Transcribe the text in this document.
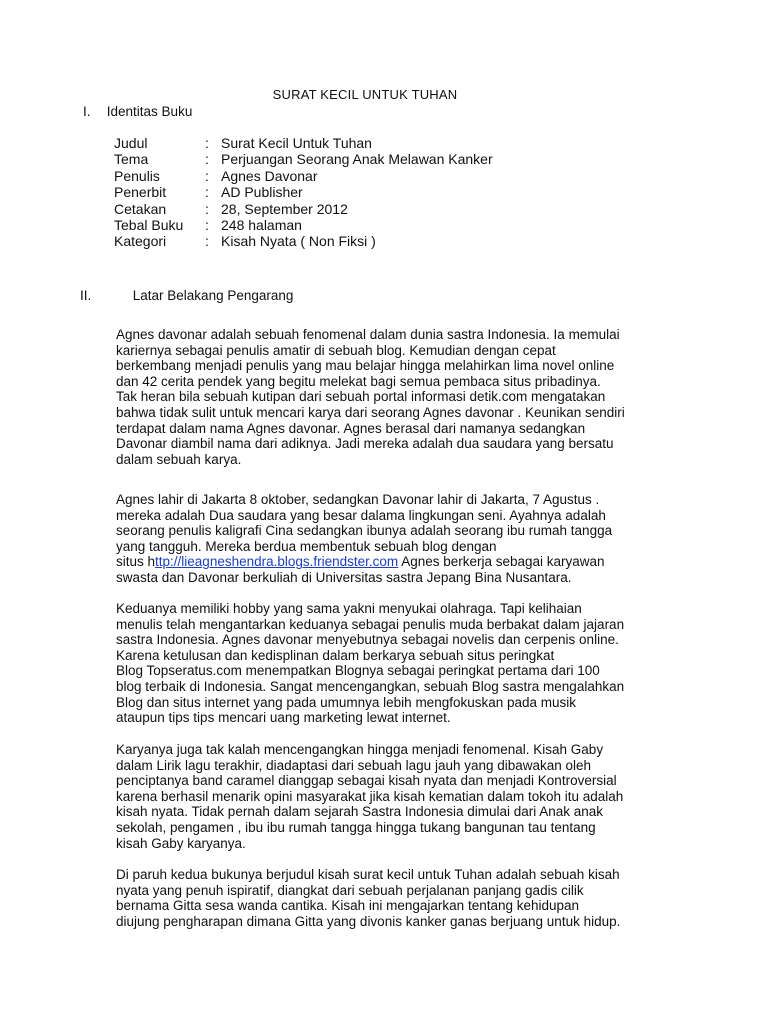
SURAT KECIL UNTUK TUHAN
I. Identitas Buku
Judul	:	Surat Kecil Untuk Tuhan
Tema	:	Perjuangan Seorang Anak Melawan Kanker
Penulis	:	Agnes Davonar
Penerbit	:	AD Publisher
Cetakan	:	28, September 2012
Tebal Buku	:	248 halaman
Kategori	:	Kisah Nyata ( Non Fiksi )
II.	Latar Belakang Pengarang

Agnes davonar adalah sebuah fenomenal dalam dunia sastra Indonesia. Ia memulai
kariernya sebagai penulis amatir di sebuah blog. Kemudian dengan cepat
berkembang menjadi penulis yang mau belajar hingga melahirkan lima novel online
dan 42 cerita pendek yang begitu melekat bagi semua pembaca situs pribadinya.
Tak heran bila sebuah kutipan dari sebuah portal informasi detik.com mengatakan
bahwa tidak sulit untuk mencari karya dari seorang Agnes davonar . Keunikan sendiri
terdapat dalam nama Agnes davonar. Agnes berasal dari namanya sedangkan
Davonar diambil nama dari adiknya. Jadi mereka adalah dua saudara yang bersatu
dalam sebuah karya.

Agnes lahir di Jakarta 8 oktober, sedangkan Davonar lahir di Jakarta, 7 Agustus .
mereka adalah Dua saudara yang besar dalama lingkungan seni. Ayahnya adalah
seorang penulis kaligrafi Cina sedangkan ibunya adalah seorang ibu rumah tangga
yang tangguh. Mereka berdua membentuk sebuah blog dengan
situs http://lieagneshendra.blogs.friendster.com Agnes berkerja sebagai karyawan
swasta dan Davonar berkuliah di Universitas sastra Jepang Bina Nusantara.

Keduanya memiliki hobby yang sama yakni menyukai olahraga. Tapi kelihaian
menulis telah mengantarkan keduanya sebagai penulis muda berbakat dalam jajaran
sastra Indonesia. Agnes davonar menyebutnya sebagai novelis dan cerpenis online.
Karena ketulusan dan kedisplinan dalam berkarya sebuah situs peringkat
Blog Topseratus.com menempatkan Blognya sebagai peringkat pertama dari 100
blog terbaik di Indonesia. Sangat mencengangkan, sebuah Blog sastra mengalahkan
Blog dan situs internet yang pada umumnya lebih mengfokuskan pada musik
ataupun tips tips mencari uang marketing lewat internet.

Karyanya juga tak kalah mencengangkan hingga menjadi fenomenal. Kisah Gaby
dalam Lirik lagu terakhir, diadaptasi dari sebuah lagu jauh yang dibawakan oleh
penciptanya band caramel dianggap sebagai kisah nyata dan menjadi Kontroversial
karena berhasil menarik opini masyarakat jika kisah kematian dalam tokoh itu adalah
kisah nyata. Tidak pernah dalam sejarah Sastra Indonesia dimulai dari Anak anak
sekolah, pengamen , ibu ibu rumah tangga hingga tukang bangunan tau tentang
kisah Gaby karyanya.

Di paruh kedua bukunya berjudul kisah surat kecil untuk Tuhan adalah sebuah kisah
nyata yang penuh ispiratif, diangkat dari sebuah perjalanan panjang gadis cilik
bernama Gitta sesa wanda cantika. Kisah ini mengajarkan tentang kehidupan
diujung pengharapan dimana Gitta yang divonis kanker ganas berjuang untuk hidup.
